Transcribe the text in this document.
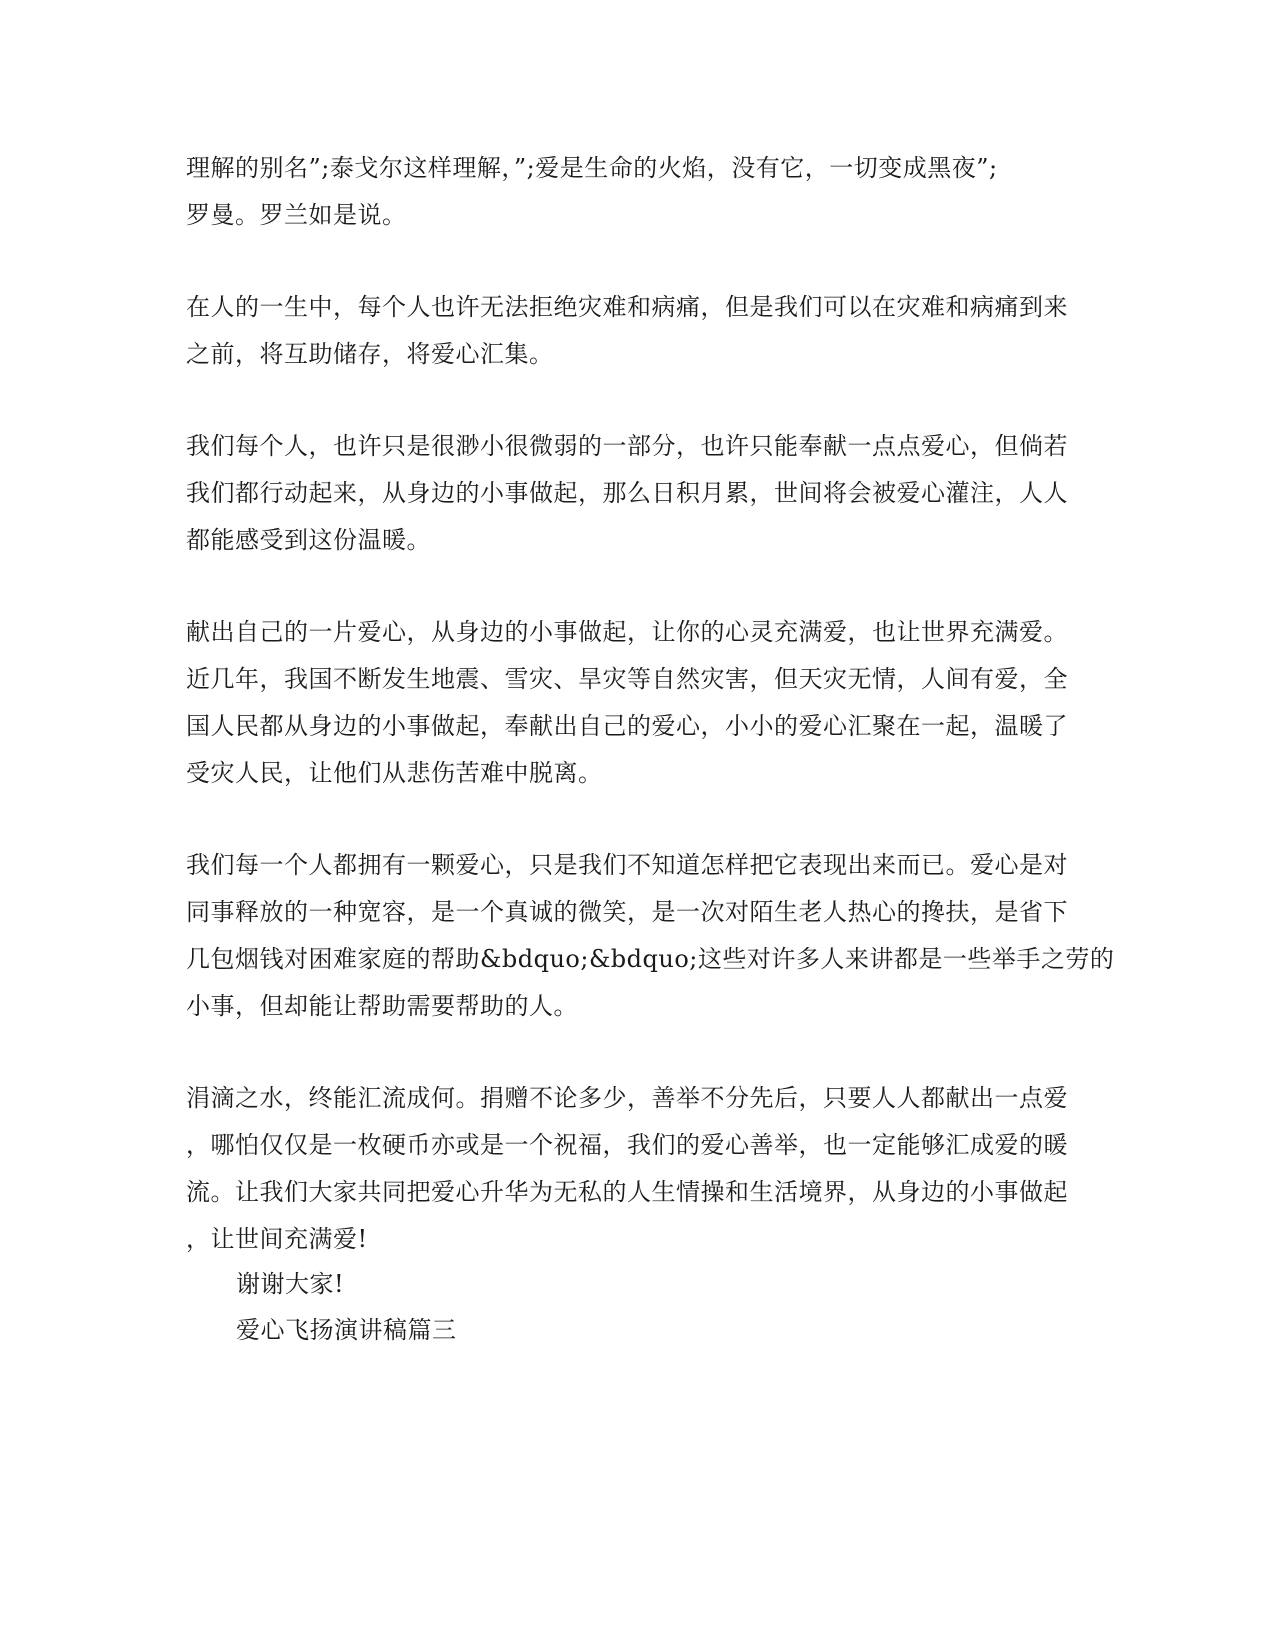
理解的别名”;泰戈尔这样理解，”;爱是生命的火焰，没有它，一切变成黑夜”;
罗曼。罗兰如是说。
在人的一生中，每个人也许无法拒绝灾难和病痛，但是我们可以在灾难和病痛到来
之前，将互助储存，将爱心汇集。
我们每个人，也许只是很渺小很微弱的一部分，也许只能奉献一点点爱心，但倘若
我们都行动起来，从身边的小事做起，那么日积月累，世间将会被爱心灌注，人人
都能感受到这份温暖。
献出自己的一片爱心，从身边的小事做起，让你的心灵充满爱，也让世界充满爱。
近几年，我国不断发生地震、雪灾、旱灾等自然灾害，但天灾无情，人间有爱，全
国人民都从身边的小事做起，奉献出自己的爱心，小小的爱心汇聚在一起，温暖了
受灾人民，让他们从悲伤苦难中脱离。
我们每一个人都拥有一颗爱心，只是我们不知道怎样把它表现出来而已。爱心是对
同事释放的一种宽容，是一个真诚的微笑，是一次对陌生老人热心的搀扶，是省下
几包烟钱对困难家庭的帮助&bdquo;&bdquo;这些对许多人来讲都是一些举手之劳的
小事，但却能让帮助需要帮助的人。
涓滴之水，终能汇流成何。捐赠不论多少，善举不分先后，只要人人都献出一点爱
，哪怕仅仅是一枚硬币亦或是一个祝福，我们的爱心善举，也一定能够汇成爱的暖
流。让我们大家共同把爱心升华为无私的人生情操和生活境界，从身边的小事做起
，让世间充满爱!
谢谢大家!
爱心飞扬演讲稿篇三
